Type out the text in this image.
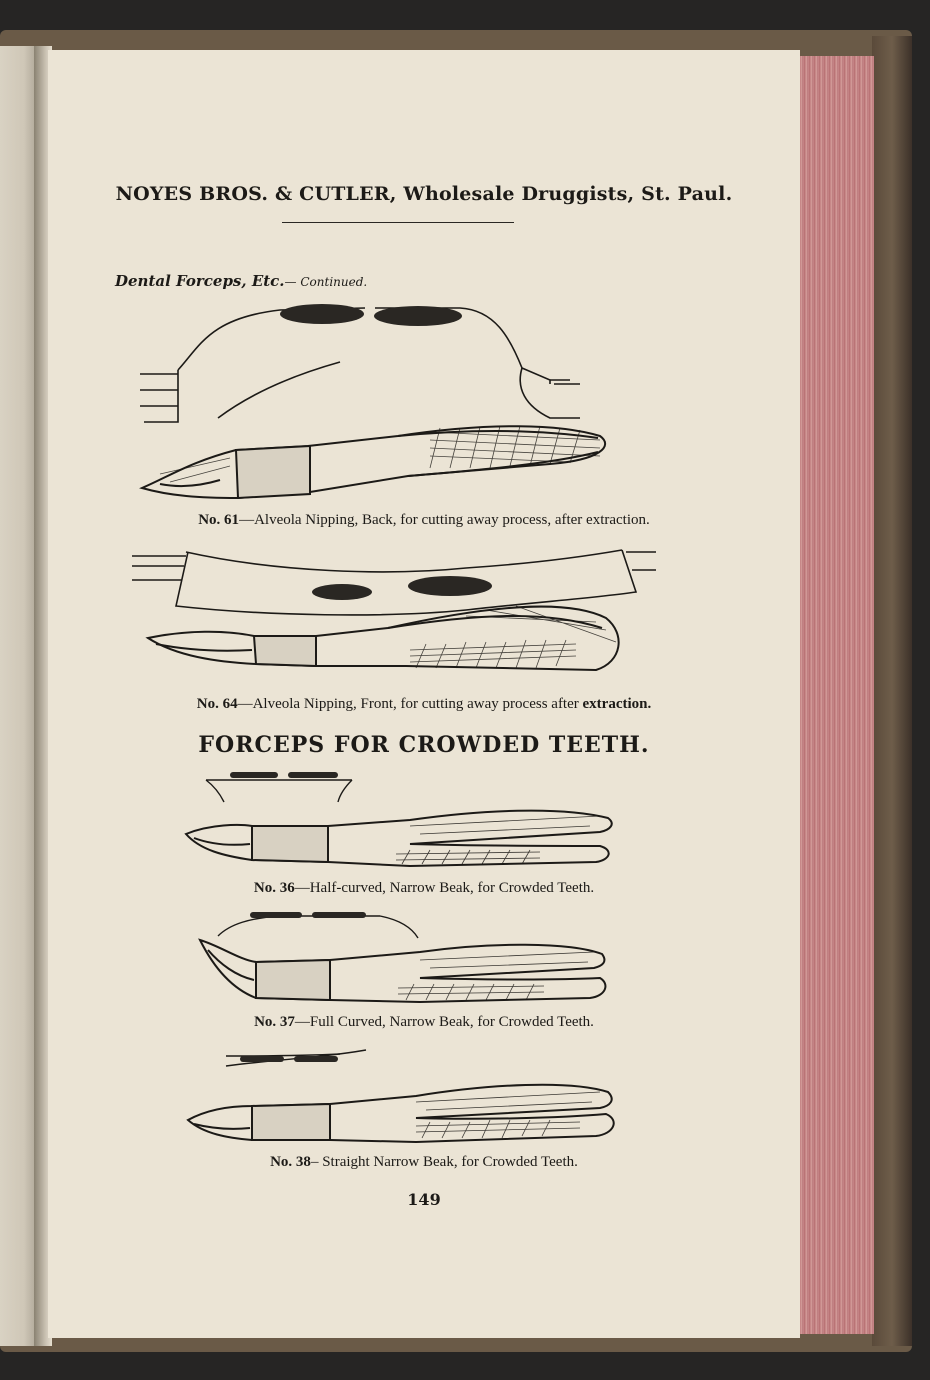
NOYES BROS. & CUTLER, Wholesale Druggists, St. Paul.
Dental Forceps, Etc.— Continued.
No. 61—Alveola Nipping, Back, for cutting away process, after extraction.
No. 64—Alveola Nipping, Front, for cutting away process after extraction.
FORCEPS FOR CROWDED TEETH.
No. 36—Half-curved, Narrow Beak, for Crowded Teeth.
No. 37—Full Curved, Narrow Beak, for Crowded Teeth.
No. 38– Straight Narrow Beak, for Crowded Teeth.
149
